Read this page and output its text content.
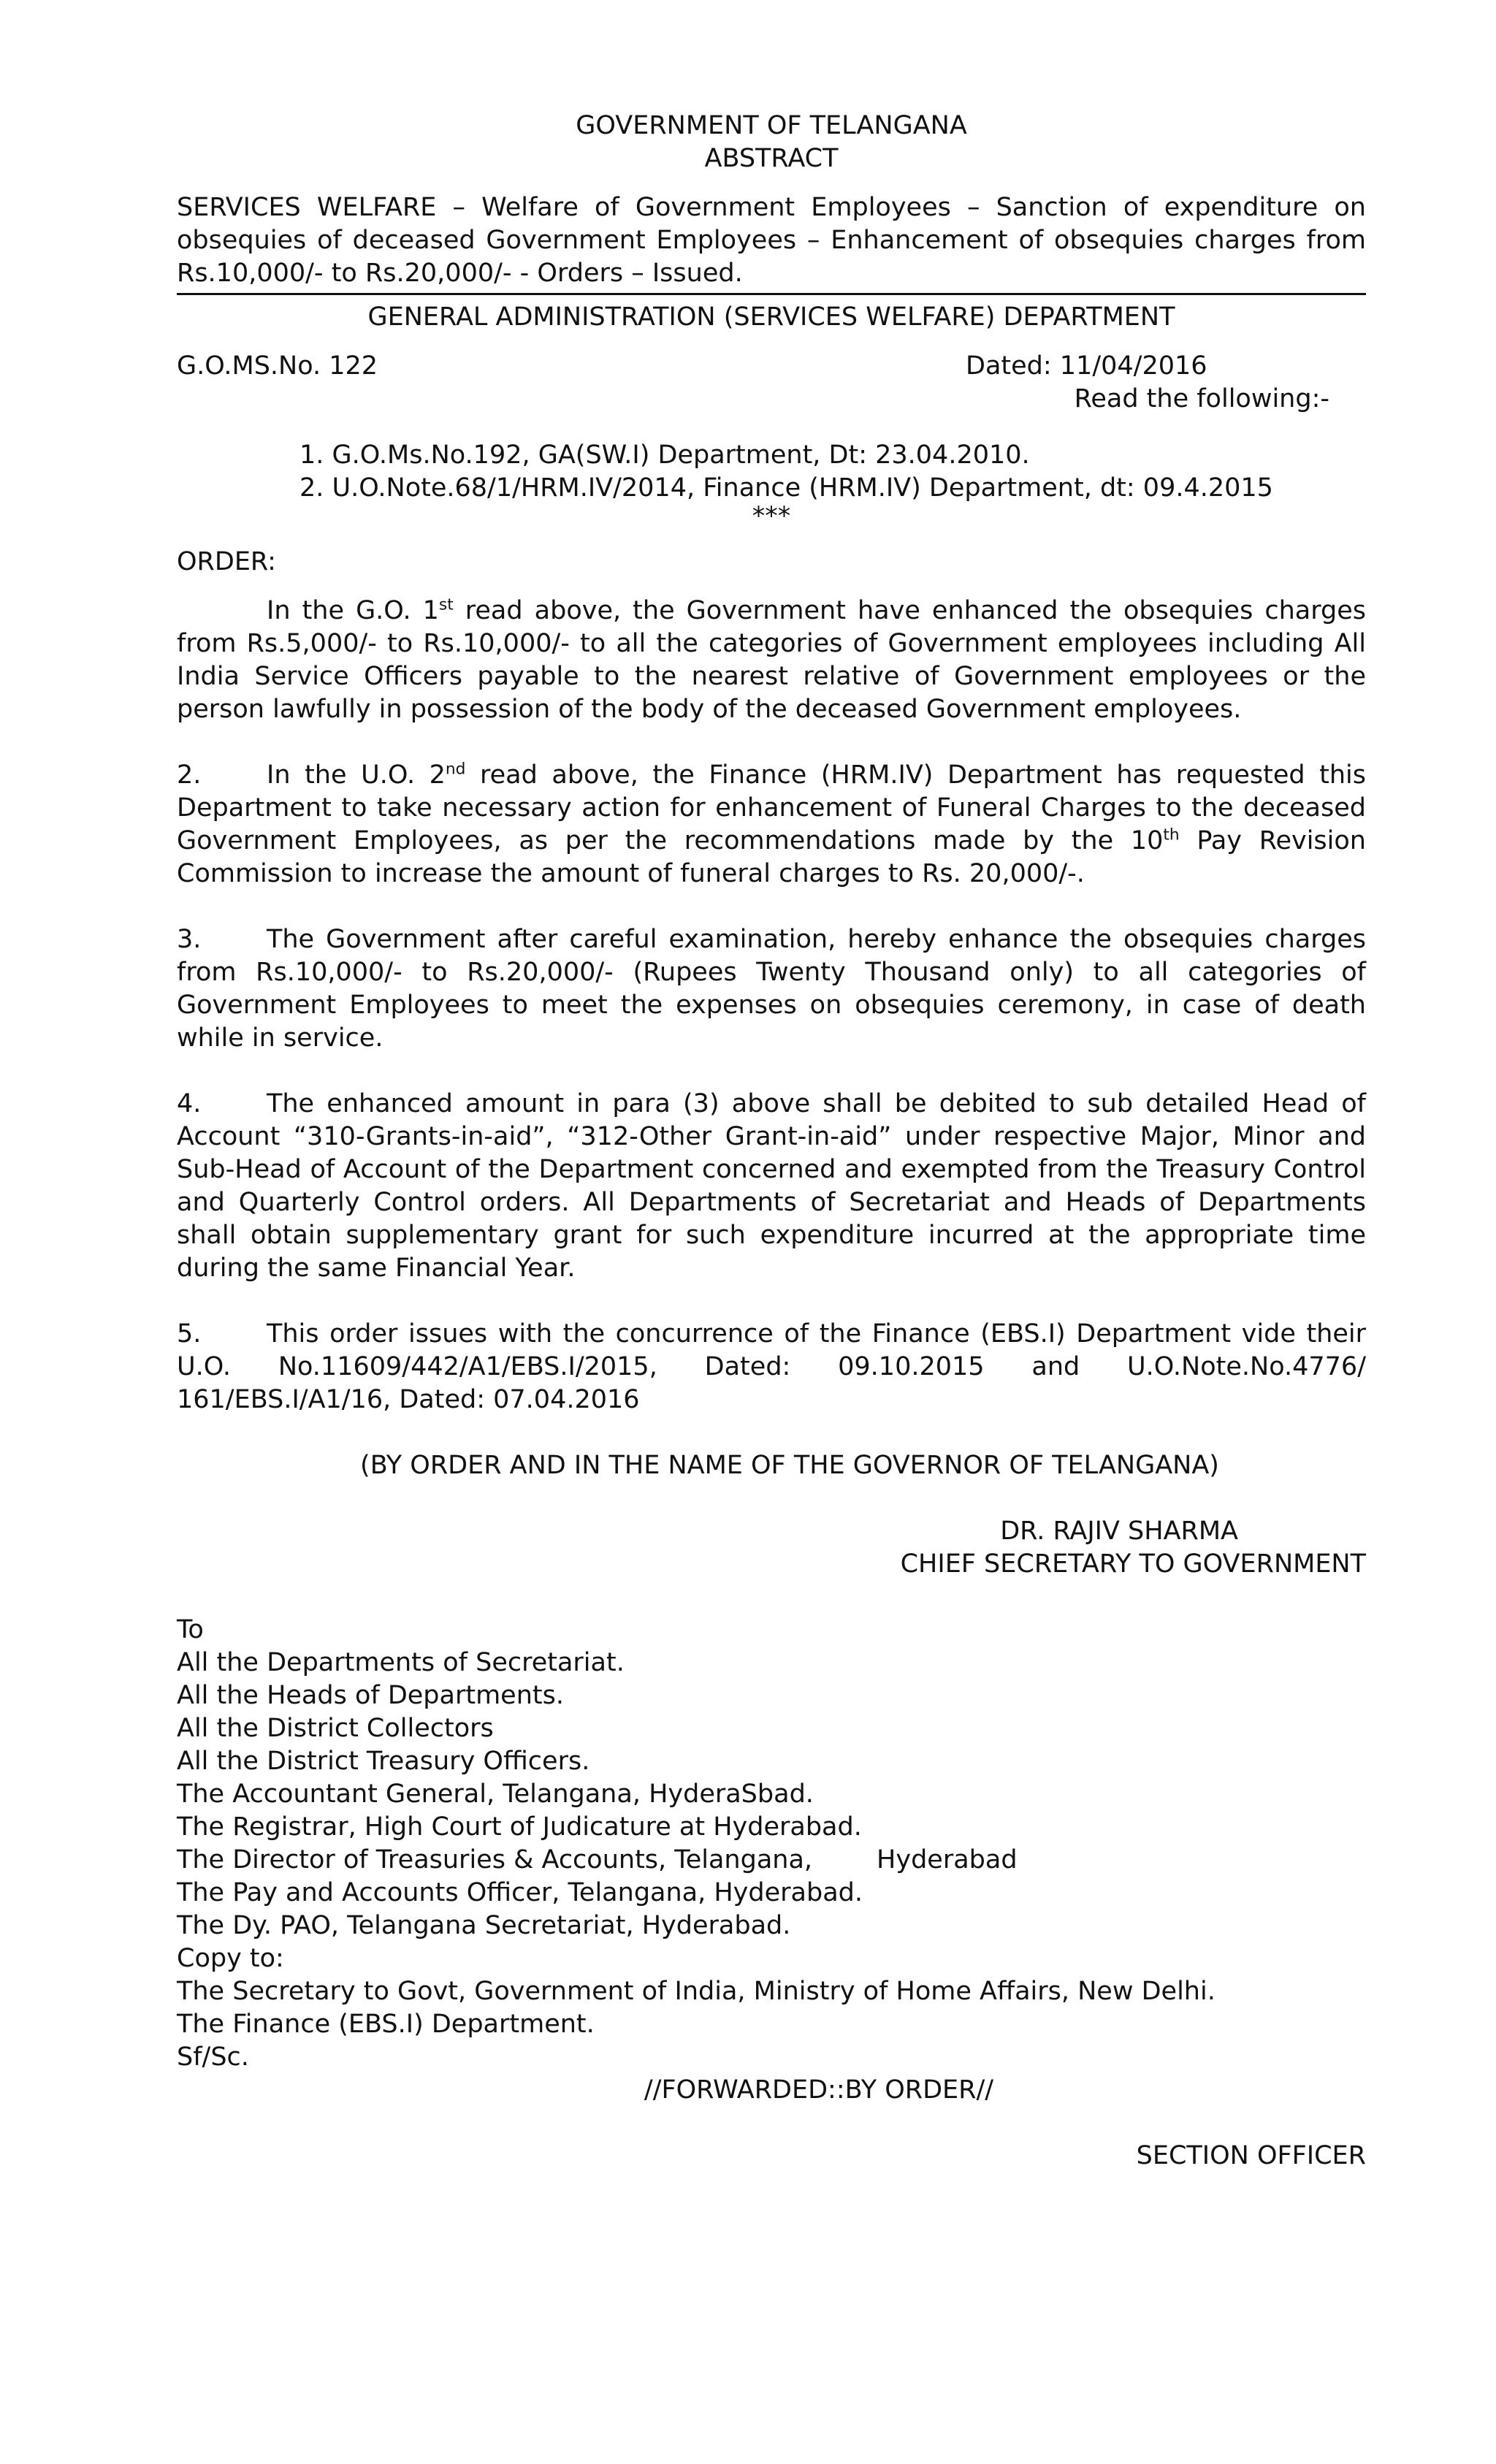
GOVERNMENT OF TELANGANA

ABSTRACT

SERVICES WELFARE – Welfare of Government Employees – Sanction of expenditure on obsequies of deceased Government Employees – Enhancement of obsequies charges from Rs.10,000/- to Rs.20,000/- - Orders – Issued.

GENERAL ADMINISTRATION (SERVICES WELFARE) DEPARTMENT

G.O.MS.No. 122	Dated: 11/04/2016

Read the following:-

1. G.O.Ms.No.192, GA(SW.I) Department, Dt: 23.04.2010.
2. U.O.Note.68/1/HRM.IV/2014, Finance (HRM.IV) Department, dt: 09.4.2015

***

ORDER:

In the G.O. 1st read above, the Government have enhanced the obsequies charges from Rs.5,000/- to Rs.10,000/- to all the categories of Government employees including All India Service Officers payable to the nearest relative of Government employees or the person lawfully in possession of the body of the deceased Government employees.

2.	In the U.O. 2nd read above, the Finance (HRM.IV) Department has requested this Department to take necessary action for enhancement of Funeral Charges to the deceased Government Employees, as per the recommendations made by the 10th Pay Revision Commission to increase the amount of funeral charges to Rs. 20,000/-.

3.	The Government after careful examination, hereby enhance the obsequies charges from Rs.10,000/- to Rs.20,000/- (Rupees Twenty Thousand only) to all categories of Government Employees to meet the expenses on obsequies ceremony, in case of death while in service.

4.	The enhanced amount in para (3) above shall be debited to sub detailed Head of Account “310-Grants-in-aid”, “312-Other Grant-in-aid” under respective Major, Minor and Sub-Head of Account of the Department concerned and exempted from the Treasury Control and Quarterly Control orders. All Departments of Secretariat and Heads of Departments shall obtain supplementary grant for such expenditure incurred at the appropriate time during the same Financial Year.

5.	This order issues with the concurrence of the Finance (EBS.I) Department vide their U.O. No.11609/442/A1/EBS.I/2015, Dated: 09.10.2015 and U.O.Note.No.4776/ 161/EBS.I/A1/16, Dated: 07.04.2016

(BY ORDER AND IN THE NAME OF THE GOVERNOR OF TELANGANA)

DR. RAJIV SHARMA

CHIEF SECRETARY TO GOVERNMENT

To

All the Departments of Secretariat.

All the Heads of Departments.

All the District Collectors

All the District Treasury Officers.

The Accountant General, Telangana, HyderaSbad.

The Registrar, High Court of Judicature at Hyderabad.

The Director of Treasuries & Accounts, Telangana,	Hyderabad

The Pay and Accounts Officer, Telangana, Hyderabad.

The Dy. PAO, Telangana Secretariat, Hyderabad.

Copy to:

The Secretary to Govt, Government of India, Ministry of Home Affairs, New Delhi.

The Finance (EBS.I) Department.

Sf/Sc.

//FORWARDED::BY ORDER//

SECTION OFFICER
